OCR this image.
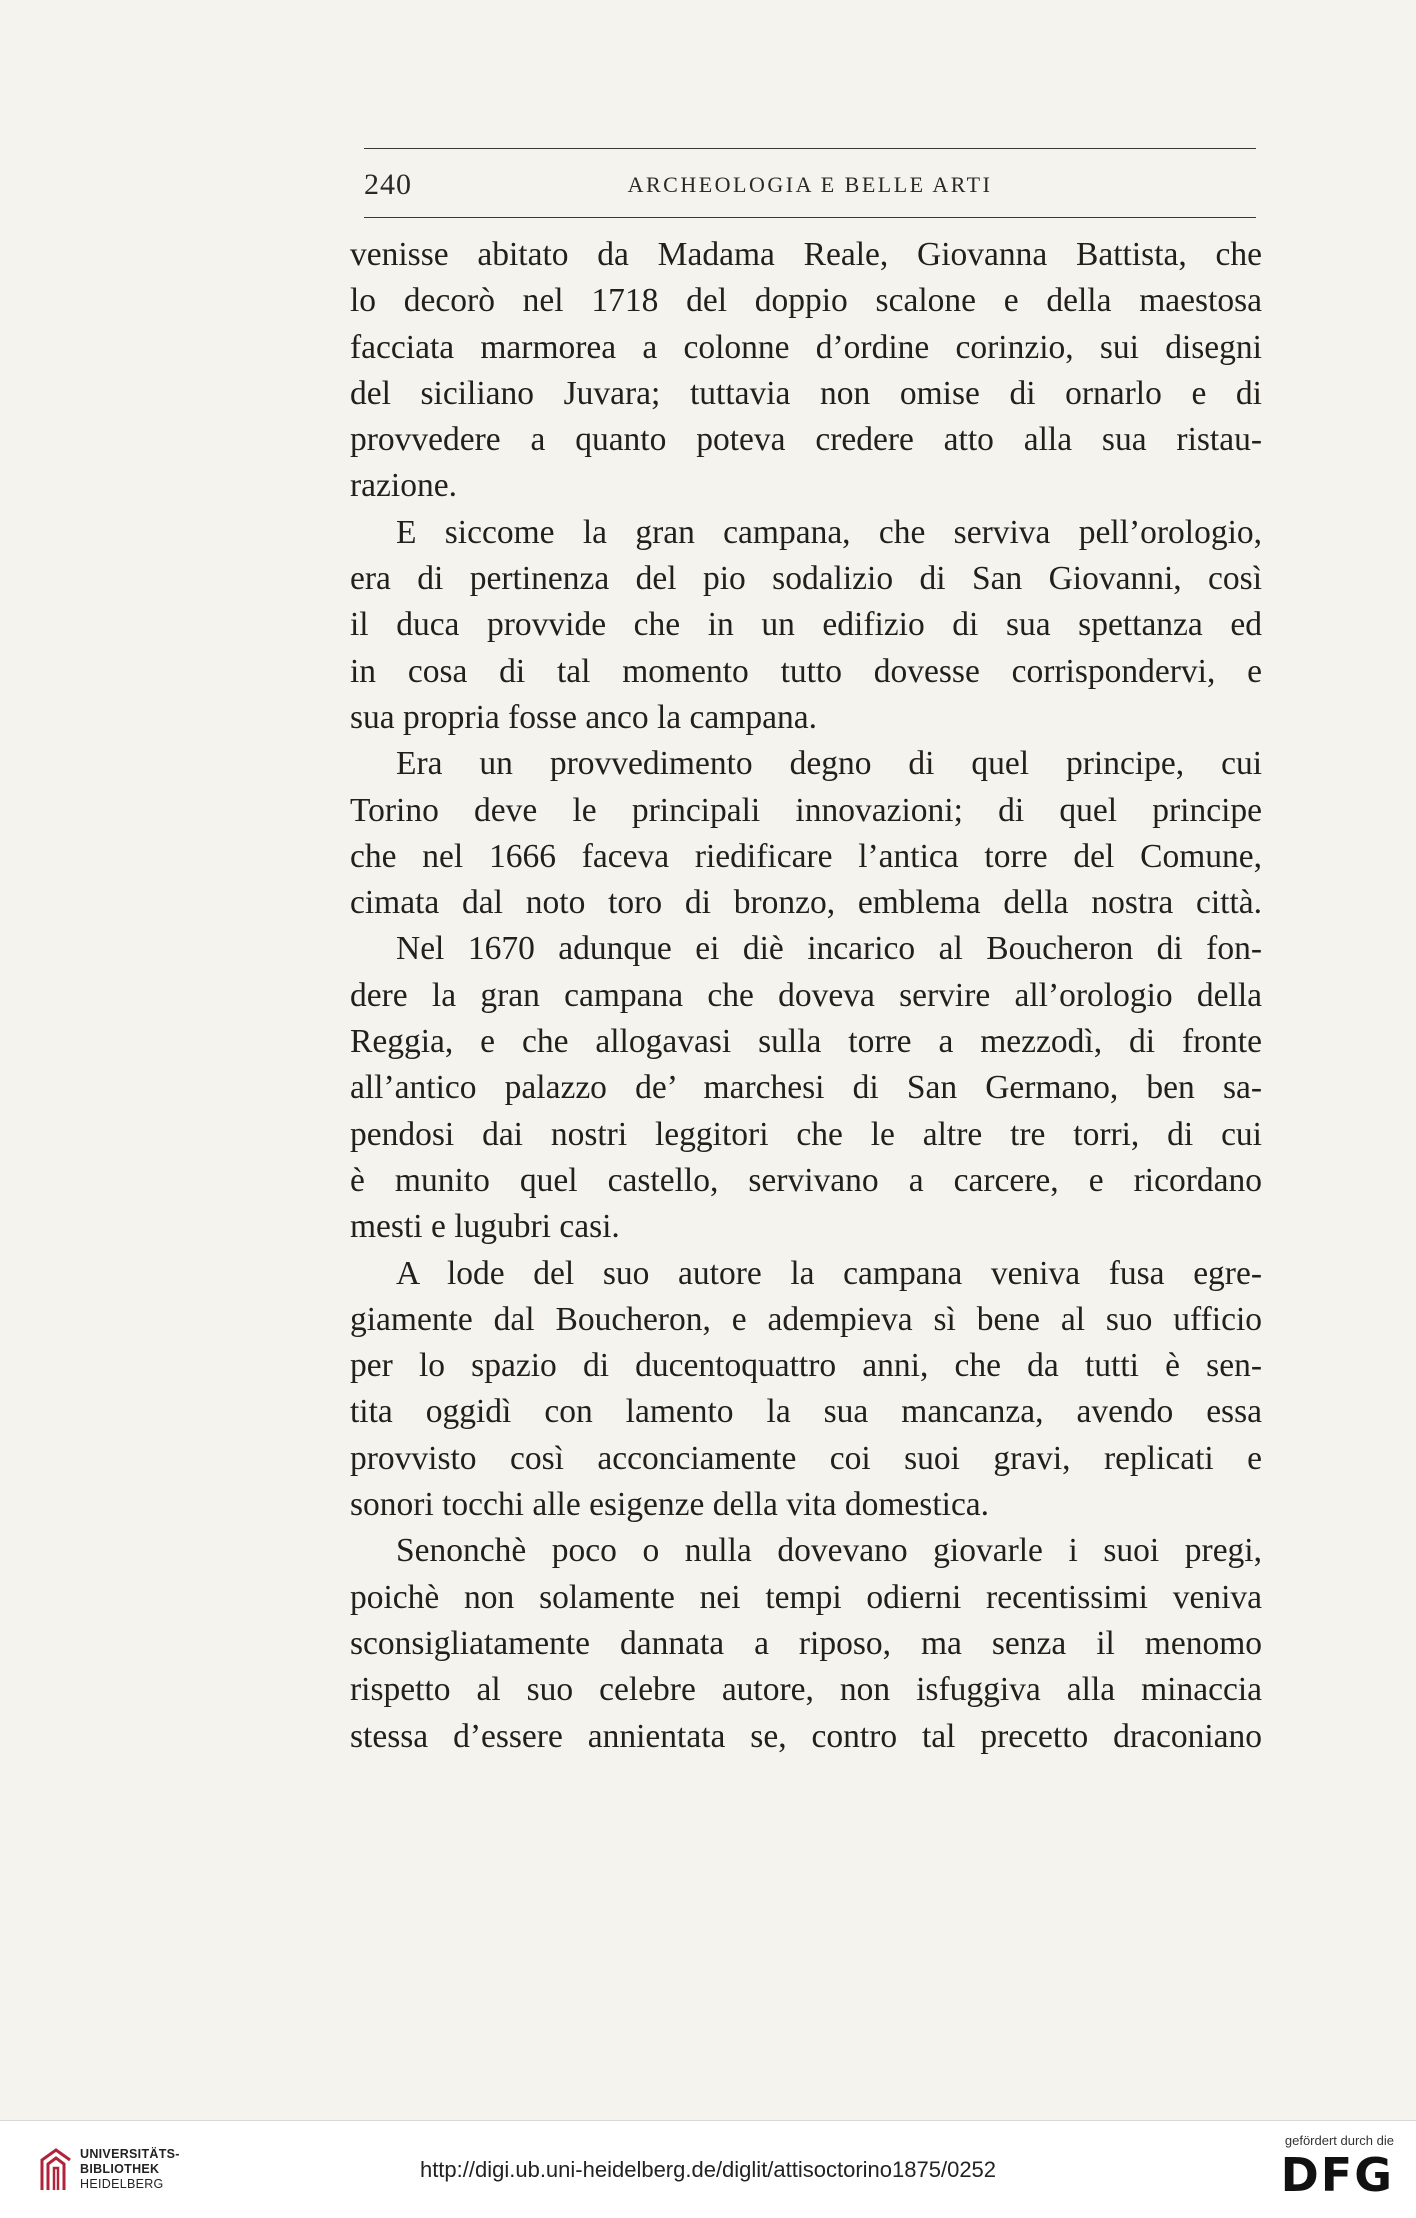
240	ARCHEOLOGIA E BELLE ARTI
venisse abitato da Madama Reale, Giovanna Battista, che
lo decorò nel 1718 del doppio scalone e della maestosa
facciata marmorea a colonne d’ordine corinzio, sui disegni
del siciliano Juvara; tuttavia non omise di ornarlo e di
provvedere a quanto poteva credere atto alla sua ristau-
razione.
E siccome la gran campana, che serviva pell’orologio,
era di pertinenza del pio sodalizio di San Giovanni, così
il duca provvide che in un edifizio di sua spettanza ed
in cosa di tal momento tutto dovesse corrispondervi, e
sua propria fosse anco la campana.
Era un provvedimento degno di quel principe, cui
Torino deve le principali innovazioni; di quel principe
che nel 1666 faceva riedificare l’antica torre del Comune,
cimata dal noto toro di bronzo, emblema della nostra città.
Nel 1670 adunque ei diè incarico al Boucheron di fon-
dere la gran campana che doveva servire all’orologio della
Reggia, e che allogavasi sulla torre a mezzodì, di fronte
all’antico palazzo de’ marchesi di San Germano, ben sa-
pendosi dai nostri leggitori che le altre tre torri, di cui
è munito quel castello, servivano a carcere, e ricordano
mesti e lugubri casi.
A lode del suo autore la campana veniva fusa egre-
giamente dal Boucheron, e adempieva sì bene al suo ufficio
per lo spazio di ducentoquattro anni, che da tutti è sen-
tita oggidì con lamento la sua mancanza, avendo essa
provvisto così acconciamente coi suoi gravi, replicati e
sonori tocchi alle esigenze della vita domestica.
Senonchè poco o nulla dovevano giovarle i suoi pregi,
poichè non solamente nei tempi odierni recentissimi veniva
sconsigliatamente dannata a riposo, ma senza il menomo
rispetto al suo celebre autore, non isfuggiva alla minaccia
stessa d’essere annientata se, contro tal precetto draconiano
UNIVERSITÄTS-
BIBLIOTHEK
HEIDELBERG
http://digi.ub.uni-heidelberg.de/diglit/attisoctorino1875/0252
gefördert durch die
DFG
